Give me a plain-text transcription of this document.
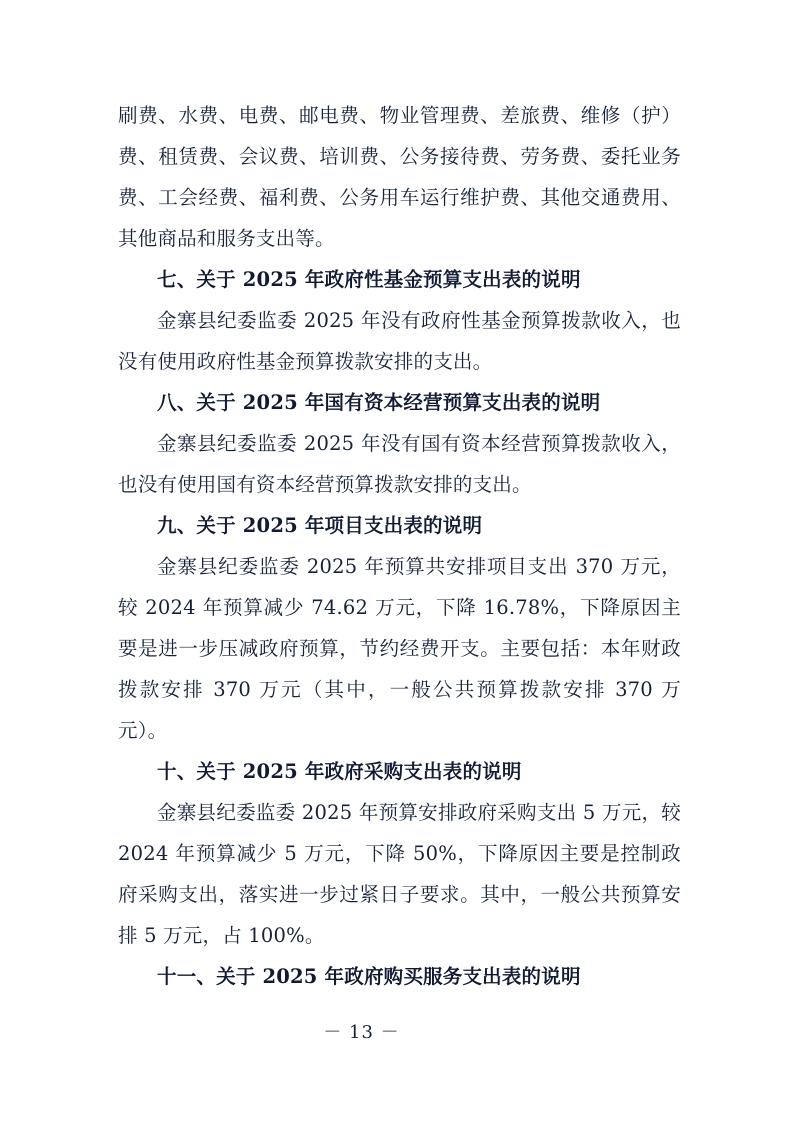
刷费、水费、电费、邮电费、物业管理费、差旅费、维修（护）费、租赁费、会议费、培训费、公务接待费、劳务费、委托业务费、工会经费、福利费、公务用车运行维护费、其他交通费用、其他商品和服务支出等。

七、关于 2025 年政府性基金预算支出表的说明

金寨县纪委监委 2025 年没有政府性基金预算拨款收入，也没有使用政府性基金预算拨款安排的支出。

八、关于 2025 年国有资本经营预算支出表的说明

金寨县纪委监委 2025 年没有国有资本经营预算拨款收入，也没有使用国有资本经营预算拨款安排的支出。

九、关于 2025 年项目支出表的说明

金寨县纪委监委 2025 年预算共安排项目支出 370 万元，较 2024 年预算减少 74.62 万元，下降 16.78%，下降原因主要是进一步压减政府预算，节约经费开支。主要包括：本年财政拨款安排 370 万元（其中，一般公共预算拨款安排 370 万元）。

十、关于 2025 年政府采购支出表的说明

金寨县纪委监委 2025 年预算安排政府采购支出 5 万元，较 2024 年预算减少 5 万元，下降 50%，下降原因主要是控制政府采购支出，落实进一步过紧日子要求。其中，一般公共预算安排 5 万元，占 100%。

十一、关于 2025 年政府购买服务支出表的说明

－ 13 －
